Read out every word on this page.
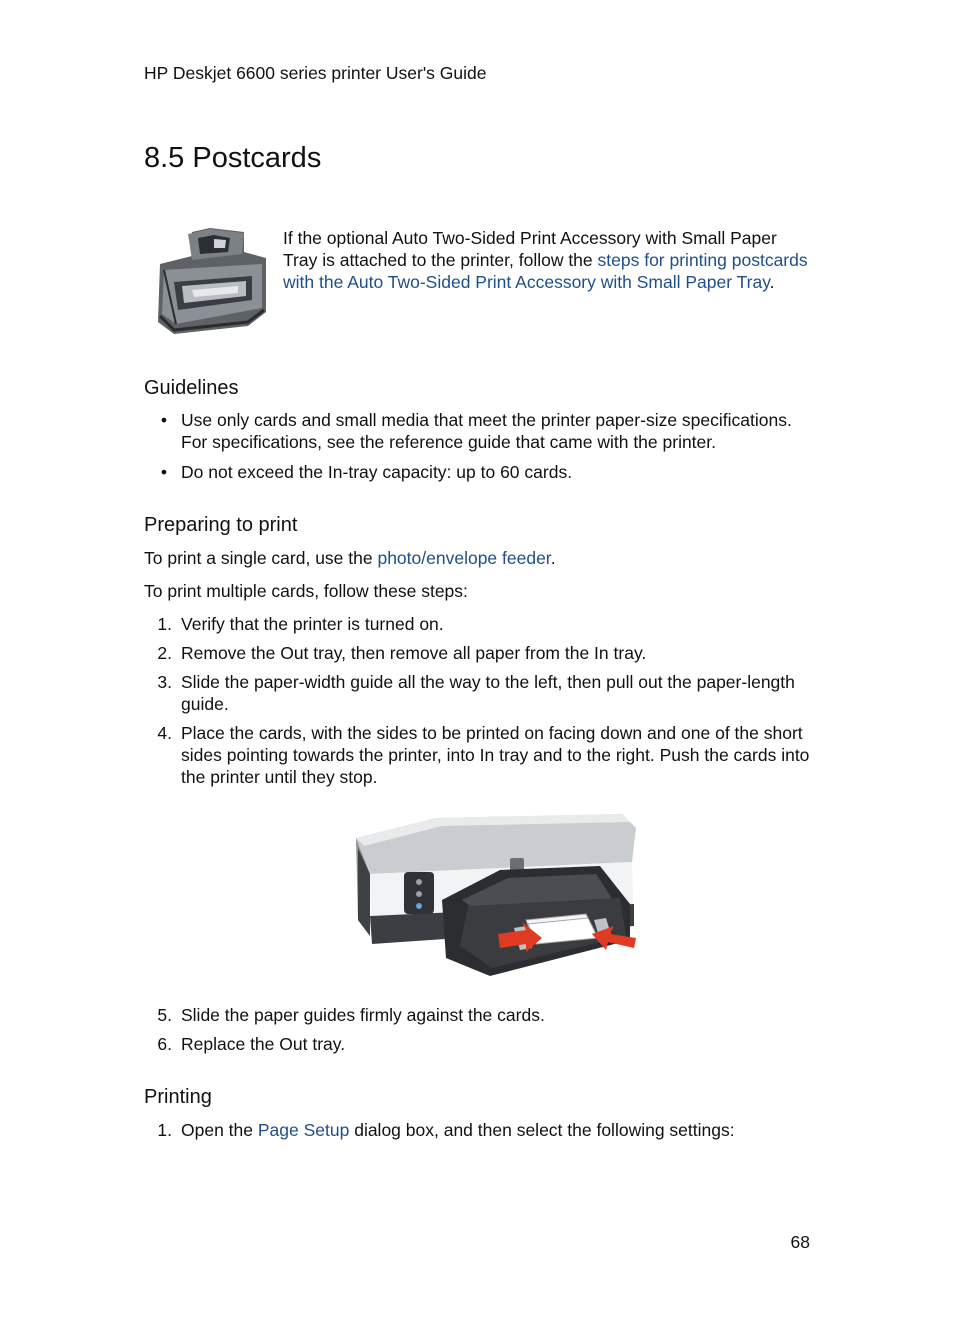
HP Deskjet 6600 series printer User's Guide
8.5 Postcards

If the optional Auto Two-Sided Print Accessory with Small Paper Tray is attached to the printer, follow the steps for printing postcards with the Auto Two-Sided Print Accessory with Small Paper Tray.

Guidelines
• Use only cards and small media that meet the printer paper-size specifications. For specifications, see the reference guide that came with the printer.
• Do not exceed the In-tray capacity: up to 60 cards.
Preparing to print

To print a single card, use the photo/envelope feeder.

To print multiple cards, follow these steps:

1. Verify that the printer is turned on.
2. Remove the Out tray, then remove all paper from the In tray.
3. Slide the paper-width guide all the way to the left, then pull out the paper-length guide.
4. Place the cards, with the sides to be printed on facing down and one of the short sides pointing towards the printer, into In tray and to the right. Push the cards into the printer until they stop.
5. Slide the paper guides firmly against the cards.
6. Replace the Out tray.
Printing
1. Open the Page Setup dialog box, and then select the following settings:
68
